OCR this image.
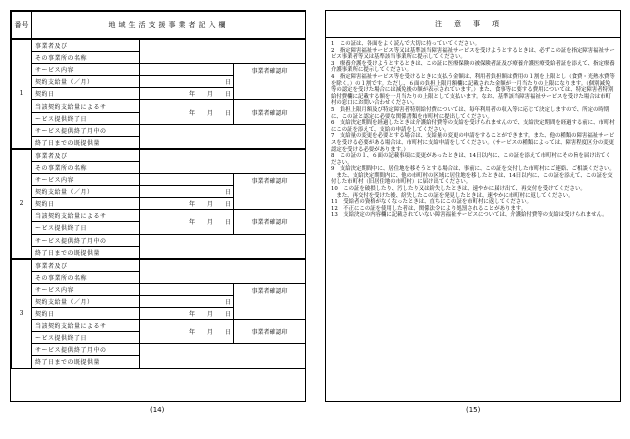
番号	地域生活支援事業者記入欄
1	事業者及び		
	その事業所の名称		
	サービス内容		事業者確認印
	契約支給量（／月）	日	
	契約日	年　　月　　日	
	当該契約支給量によるサ	年　　月　　日	事業者確認印
	ービス提供終了日		
	サービス提供終了月中の		
	終了日までの既提供量		
2	事業者及び		
	その事業所の名称		
	サービス内容		事業者確認印
	契約支給量（／月）	日	
	契約日	年　　月　　日	
	当該契約支給量によるサ	年　　月　　日	事業者確認印
	ービス提供終了日		
	サービス提供終了月中の		
	終了日までの既提供量		
3	事業者及び		
	その事業所の名称		
	サービス内容		事業者確認印
	契約支給量（／月）	日	
	契約日	年　　月　　日	
	当該契約支給量によるサ	年　　月　　日	事業者確認印
	ービス提供終了日		
	サービス提供終了月中の		
	終了日までの既提供量		
(14)
注意事項

1　この証は、各面をよく読んで大切に持っていてください。

2　指定障害福祉サービス等又は基準該当障害福祉サービスを受けようとするときは、必ずこの証を指定障害福祉サービス事業者等又は基準該当事業所に提示してください。

3　療養介護を受けようとするときは、この証に医療保険の被保険者証及び療養介護医療受給者証を添えて、指定療養介護事業所に提示してください。

4　指定障害福祉サービス等を受けるときに支払う金額は、利用者負担額は費用の１割を上限とし（食費・光熱水費等を除く。）の１割です。ただし、６面の負担上限月額欄に記載された金額が一月当たりの上限になります。（個別減免等の認定を受けた場合には減免後の額が表示されています。）また、食事等に要する費用については、特定障害者特別給付費欄に記載する額を一月当たりの上限として支払います。なお、基準該当障害福祉サービスを受けた場合は市町村の窓口にお問い合わせください。

5　負担上限月額及び特定障害者特別給付費については、毎年利用者の収入等に応じて決定しますので、所定の時期に、この証と認定に必要な関係書類を市町村に提出してください。

6　支給決定期間を経過したときは介護給付費等の支給を受けられませんので、支給決定期間を経過する前に、市町村にこの証を添えて、支給の申請をしてください。

7　支給量の変更を必要とする場合は、支給量の変更の申請をすることができます。また、他の種類の障害福祉サービスを受ける必要がある場合は、市町村に支給申請をしてください。（サービスの種類によっては、障害程度区分の変更認定を受ける必要があります。）

8　この証の１、６面の記載事項に変更があったときは、14日以内に、この証を添えて市町村にその旨を届け出てください。

9　支給決定期間中に、居住地を移そうとする場合は、事前に、この証を交付した市町村にご連絡、ご相談ください。

　また、支給決定期間内に、他の市町村の区域に居住地を移したときは、14日以内に、この証を添えて、この証を交付した市町村（旧居住地の市町村）に届け出てください。

10　この証を破損したり、汚したり又は紛失したときは、速やかに届け出て、再交付を受けてください。

　また、再交付を受けた後、紛失したこの証を発見したときは、速やかに市町村に返してください。

11　受給者の資格がなくなったときは、直ちにこの証を市町村に返してください。

12　不正にこの証を使用した者は、関係法令により処罰されることがあります。

13　支給決定の内容欄に記載されていない障害福祉サービスについては、介護給付費等の支給は受けられません。

(15)
